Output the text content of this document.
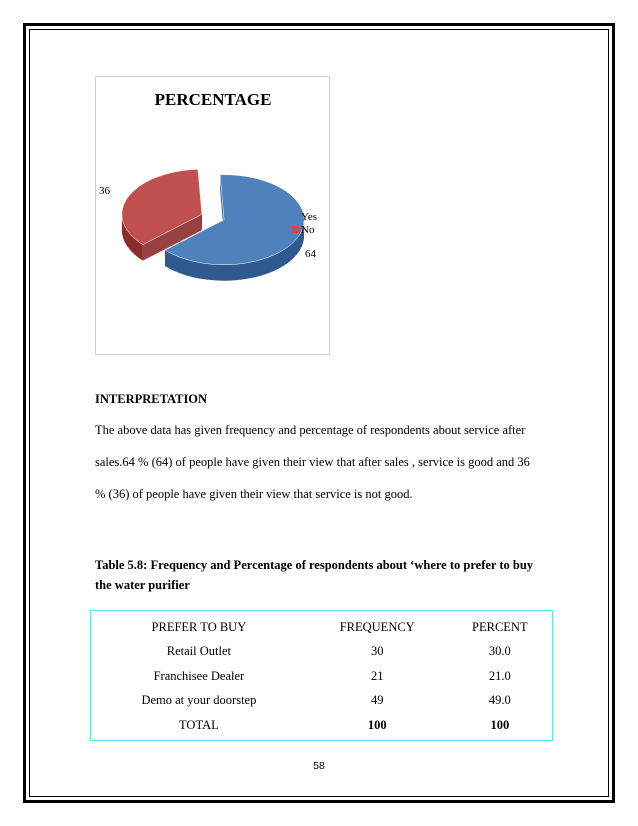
PERCENTAGE
64
36
Yes
No
INTERPRETATION
The above data has given frequency and percentage of respondents about service after
sales.64 % (64) of people have given their view that after sales , service is good and 36
% (36) of people have given their view that service is not good.
Table 5.8: Frequency and Percentage of respondents about ‘where to prefer to buy
the water purifier
PREFER TO BUY	FREQUENCY	PERCENT
Retail Outlet	30	30.0
Franchisee Dealer	21	21.0
Demo at your doorstep	49	49.0
TOTAL	100	100
58
